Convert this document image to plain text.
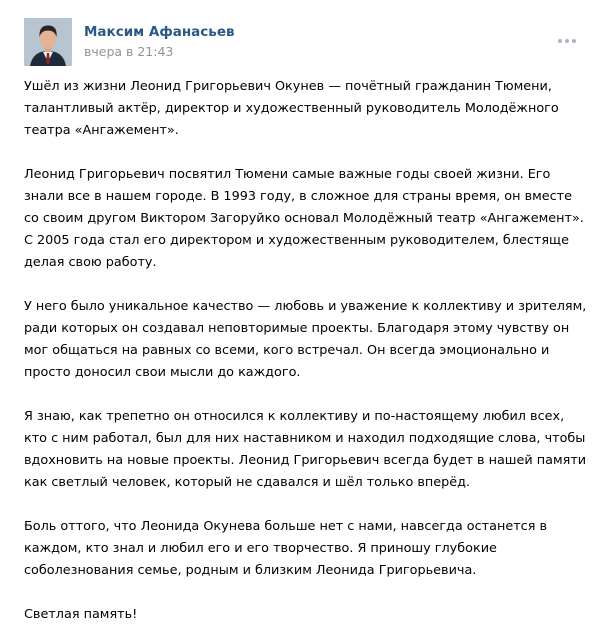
Максим Афанасьев
вчера в 21:43

Ушёл из жизни Леонид Григорьевич Окунев — почётный гражданин Тюмени, талантливый актёр, директор и художественный руководитель Молодёжного театра «Ангажемент».

Леонид Григорьевич посвятил Тюмени самые важные годы своей жизни. Его знали все в нашем городе. В 1993 году, в сложное для страны время, он вместе со своим другом Виктором Загоруйко основал Молодёжный театр «Ангажемент». С 2005 года стал его директором и художественным руководителем, блестяще делая свою работу.

У него было уникальное качество — любовь и уважение к коллективу и зрителям, ради которых он создавал неповторимые проекты. Благодаря этому чувству он мог общаться на равных со всеми, кого встречал. Он всегда эмоционально и просто доносил свои мысли до каждого.

Я знаю, как трепетно он относился к коллективу и по-настоящему любил всех, кто с ним работал, был для них наставником и находил подходящие слова, чтобы вдохновить на новые проекты. Леонид Григорьевич всегда будет в нашей памяти как светлый человек, который не сдавался и шёл только вперёд.

Боль оттого, что Леонида Окунева больше нет с нами, навсегда останется в каждом, кто знал и любил его и его творчество. Я приношу глубокие соболезнования семье, родным и близким Леонида Григорьевича.

Светлая память!
